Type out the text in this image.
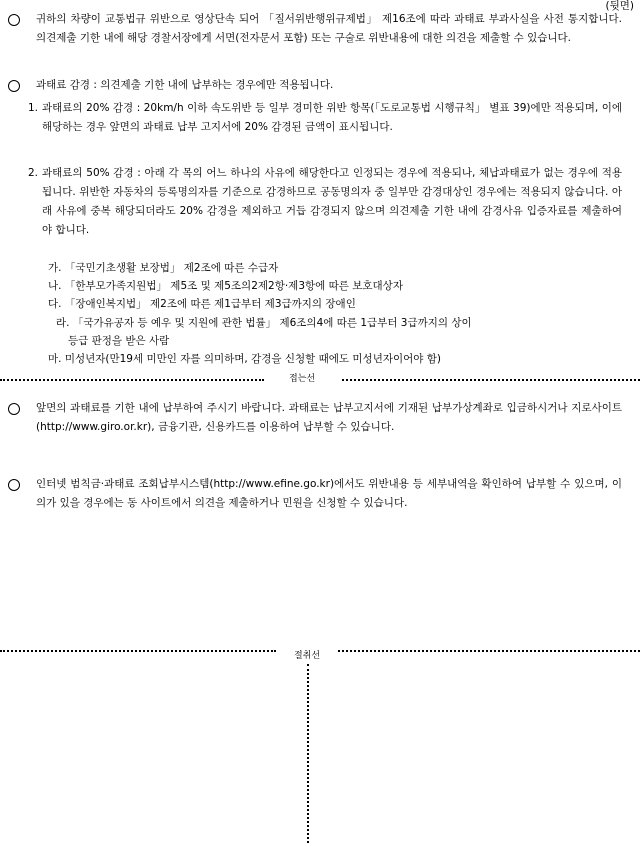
(뒷면)
귀하의 차량이 교통법규 위반으로 영상단속 되어 「질서위반행위규제법」 제16조에 따라 과태료 부과사실을 사전 통지합니다. 의견제출 기한 내에 해당 경찰서장에게 서면(전자문서 포함) 또는 구술로 위반내용에 대한 의견을 제출할 수 있습니다.
과태료 감경 : 의견제출 기한 내에 납부하는 경우에만 적용됩니다.
1. 과태료의 20% 감경 : 20km/h 이하 속도위반 등 일부 경미한 위반 항목(「도로교통법 시행규칙」 별표 39)에만 적용되며, 이에 해당하는 경우 앞면의 과태료 납부 고지서에 20% 감경된 금액이 표시됩니다.
2. 과태료의 50% 감경 : 아래 각 목의 어느 하나의 사유에 해당한다고 인정되는 경우에 적용되나, 체납과태료가 없는 경우에 적용됩니다. 위반한 자동차의 등록명의자를 기준으로 감경하므로 공동명의자 중 일부만 감경대상인 경우에는 적용되지 않습니다. 아래 사유에 중복 해당되더라도 20% 감경을 제외하고 거듭 감경되지 않으며 의견제출 기한 내에 감경사유 입증자료를 제출하여야 합니다.
가. 「국민기초생활 보장법」 제2조에 따른 수급자
나. 「한부모가족지원법」 제5조 및 제5조의2제2항·제3항에 따른 보호대상자
다. 「장애인복지법」 제2조에 따른 제1급부터 제3급까지의 장애인
라. 「국가유공자 등 예우 및 지원에 관한 법률」 제6조의4에 따른 1급부터 3급까지의 상이
등급 판정을 받은 사람
마. 미성년자(만19세 미만인 자를 의미하며, 감경을 신청할 때에도 미성년자이어야 함)
접는선
앞면의 과태료를 기한 내에 납부하여 주시기 바랍니다. 과태료는 납부고지서에 기재된 납부가상계좌로 입금하시거나 지로사이트(http://www.giro.or.kr), 금융기관, 신용카드를 이용하여 납부할 수 있습니다.
인터넷 범칙금·과태료 조회납부시스템(http://www.efine.go.kr)에서도 위반내용 등 세부내역을 확인하여 납부할 수 있으며, 이의가 있을 경우에는 동 사이트에서 의견을 제출하거나 민원을 신청할 수 있습니다.
절취선
